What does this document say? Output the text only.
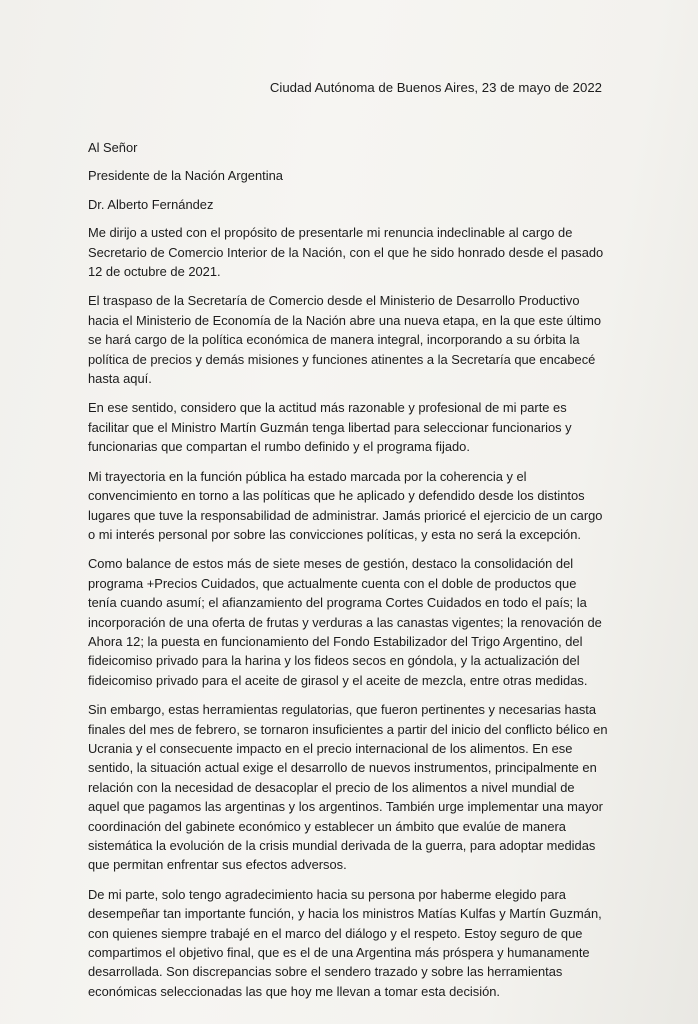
Ciudad Autónoma de Buenos Aires, 23 de mayo de 2022

Al Señor

Presidente de la Nación Argentina

Dr. Alberto Fernández

Me dirijo a usted con el propósito de presentarle mi renuncia indeclinable al cargo de Secretario de Comercio Interior de la Nación, con el que he sido honrado desde el pasado 12 de octubre de 2021.

El traspaso de la Secretaría de Comercio desde el Ministerio de Desarrollo Productivo hacia el Ministerio de Economía de la Nación abre una nueva etapa, en la que este último se hará cargo de la política económica de manera integral, incorporando a su órbita la política de precios y demás misiones y funciones atinentes a la Secretaría que encabecé hasta aquí.

En ese sentido, considero que la actitud más razonable y profesional de mi parte es facilitar que el Ministro Martín Guzmán tenga libertad para seleccionar funcionarios y funcionarias que compartan el rumbo definido y el programa fijado.

Mi trayectoria en la función pública ha estado marcada por la coherencia y el convencimiento en torno a las políticas que he aplicado y defendido desde los distintos lugares que tuve la responsabilidad de administrar. Jamás prioricé el ejercicio de un cargo o mi interés personal por sobre las convicciones políticas, y esta no será la excepción.

Como balance de estos más de siete meses de gestión, destaco la consolidación del programa +Precios Cuidados, que actualmente cuenta con el doble de productos que tenía cuando asumí; el afianzamiento del programa Cortes Cuidados en todo el país; la incorporación de una oferta de frutas y verduras a las canastas vigentes; la renovación de Ahora 12; la puesta en funcionamiento del Fondo Estabilizador del Trigo Argentino, del fideicomiso privado para la harina y los fideos secos en góndola, y la actualización del fideicomiso privado para el aceite de girasol y el aceite de mezcla, entre otras medidas.

Sin embargo, estas herramientas regulatorias, que fueron pertinentes y necesarias hasta finales del mes de febrero, se tornaron insuficientes a partir del inicio del conflicto bélico en Ucrania y el consecuente impacto en el precio internacional de los alimentos. En ese sentido, la situación actual exige el desarrollo de nuevos instrumentos, principalmente en relación con la necesidad de desacoplar el precio de los alimentos a nivel mundial de aquel que pagamos las argentinas y los argentinos. También urge implementar una mayor coordinación del gabinete económico y establecer un ámbito que evalúe de manera sistemática la evolución de la crisis mundial derivada de la guerra, para adoptar medidas que permitan enfrentar sus efectos adversos.

De mi parte, solo tengo agradecimiento hacia su persona por haberme elegido para desempeñar tan importante función, y hacia los ministros Matías Kulfas y Martín Guzmán, con quienes siempre trabajé en el marco del diálogo y el respeto. Estoy seguro de que compartimos el objetivo final, que es el de una Argentina más próspera y humanamente desarrollada. Son discrepancias sobre el sendero trazado y sobre las herramientas económicas seleccionadas las que hoy me llevan a tomar esta decisión.
